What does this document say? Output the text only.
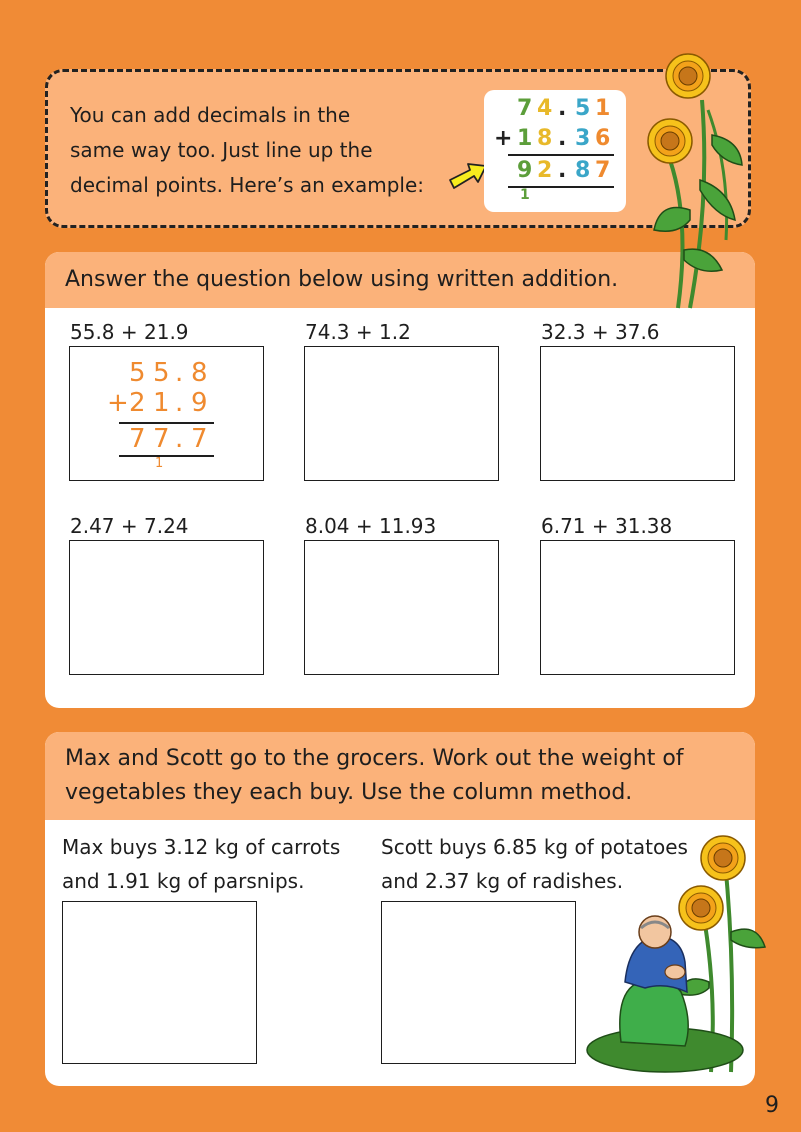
You can add decimals in the
same way too. Just line up the
decimal points. Here’s an example:
7 4 . 5 1
+ 1 8 . 3 6
9 2 . 8 7
1
Answer the question below using written addition.
55.8 + 21.9
5 5 . 8
+ 2 1 . 9
7 7 . 7
1
74.3 + 1.2	32.3 + 37.6
2.47 + 7.24	8.04 + 11.93	6.71 + 31.38
Max and Scott go to the grocers. Work out the weight of
vegetables they each buy. Use the column method.
Max buys 3.12 kg of carrots
and 1.91 kg of parsnips.
Scott buys 6.85 kg of potatoes
and 2.37 kg of radishes.
9
